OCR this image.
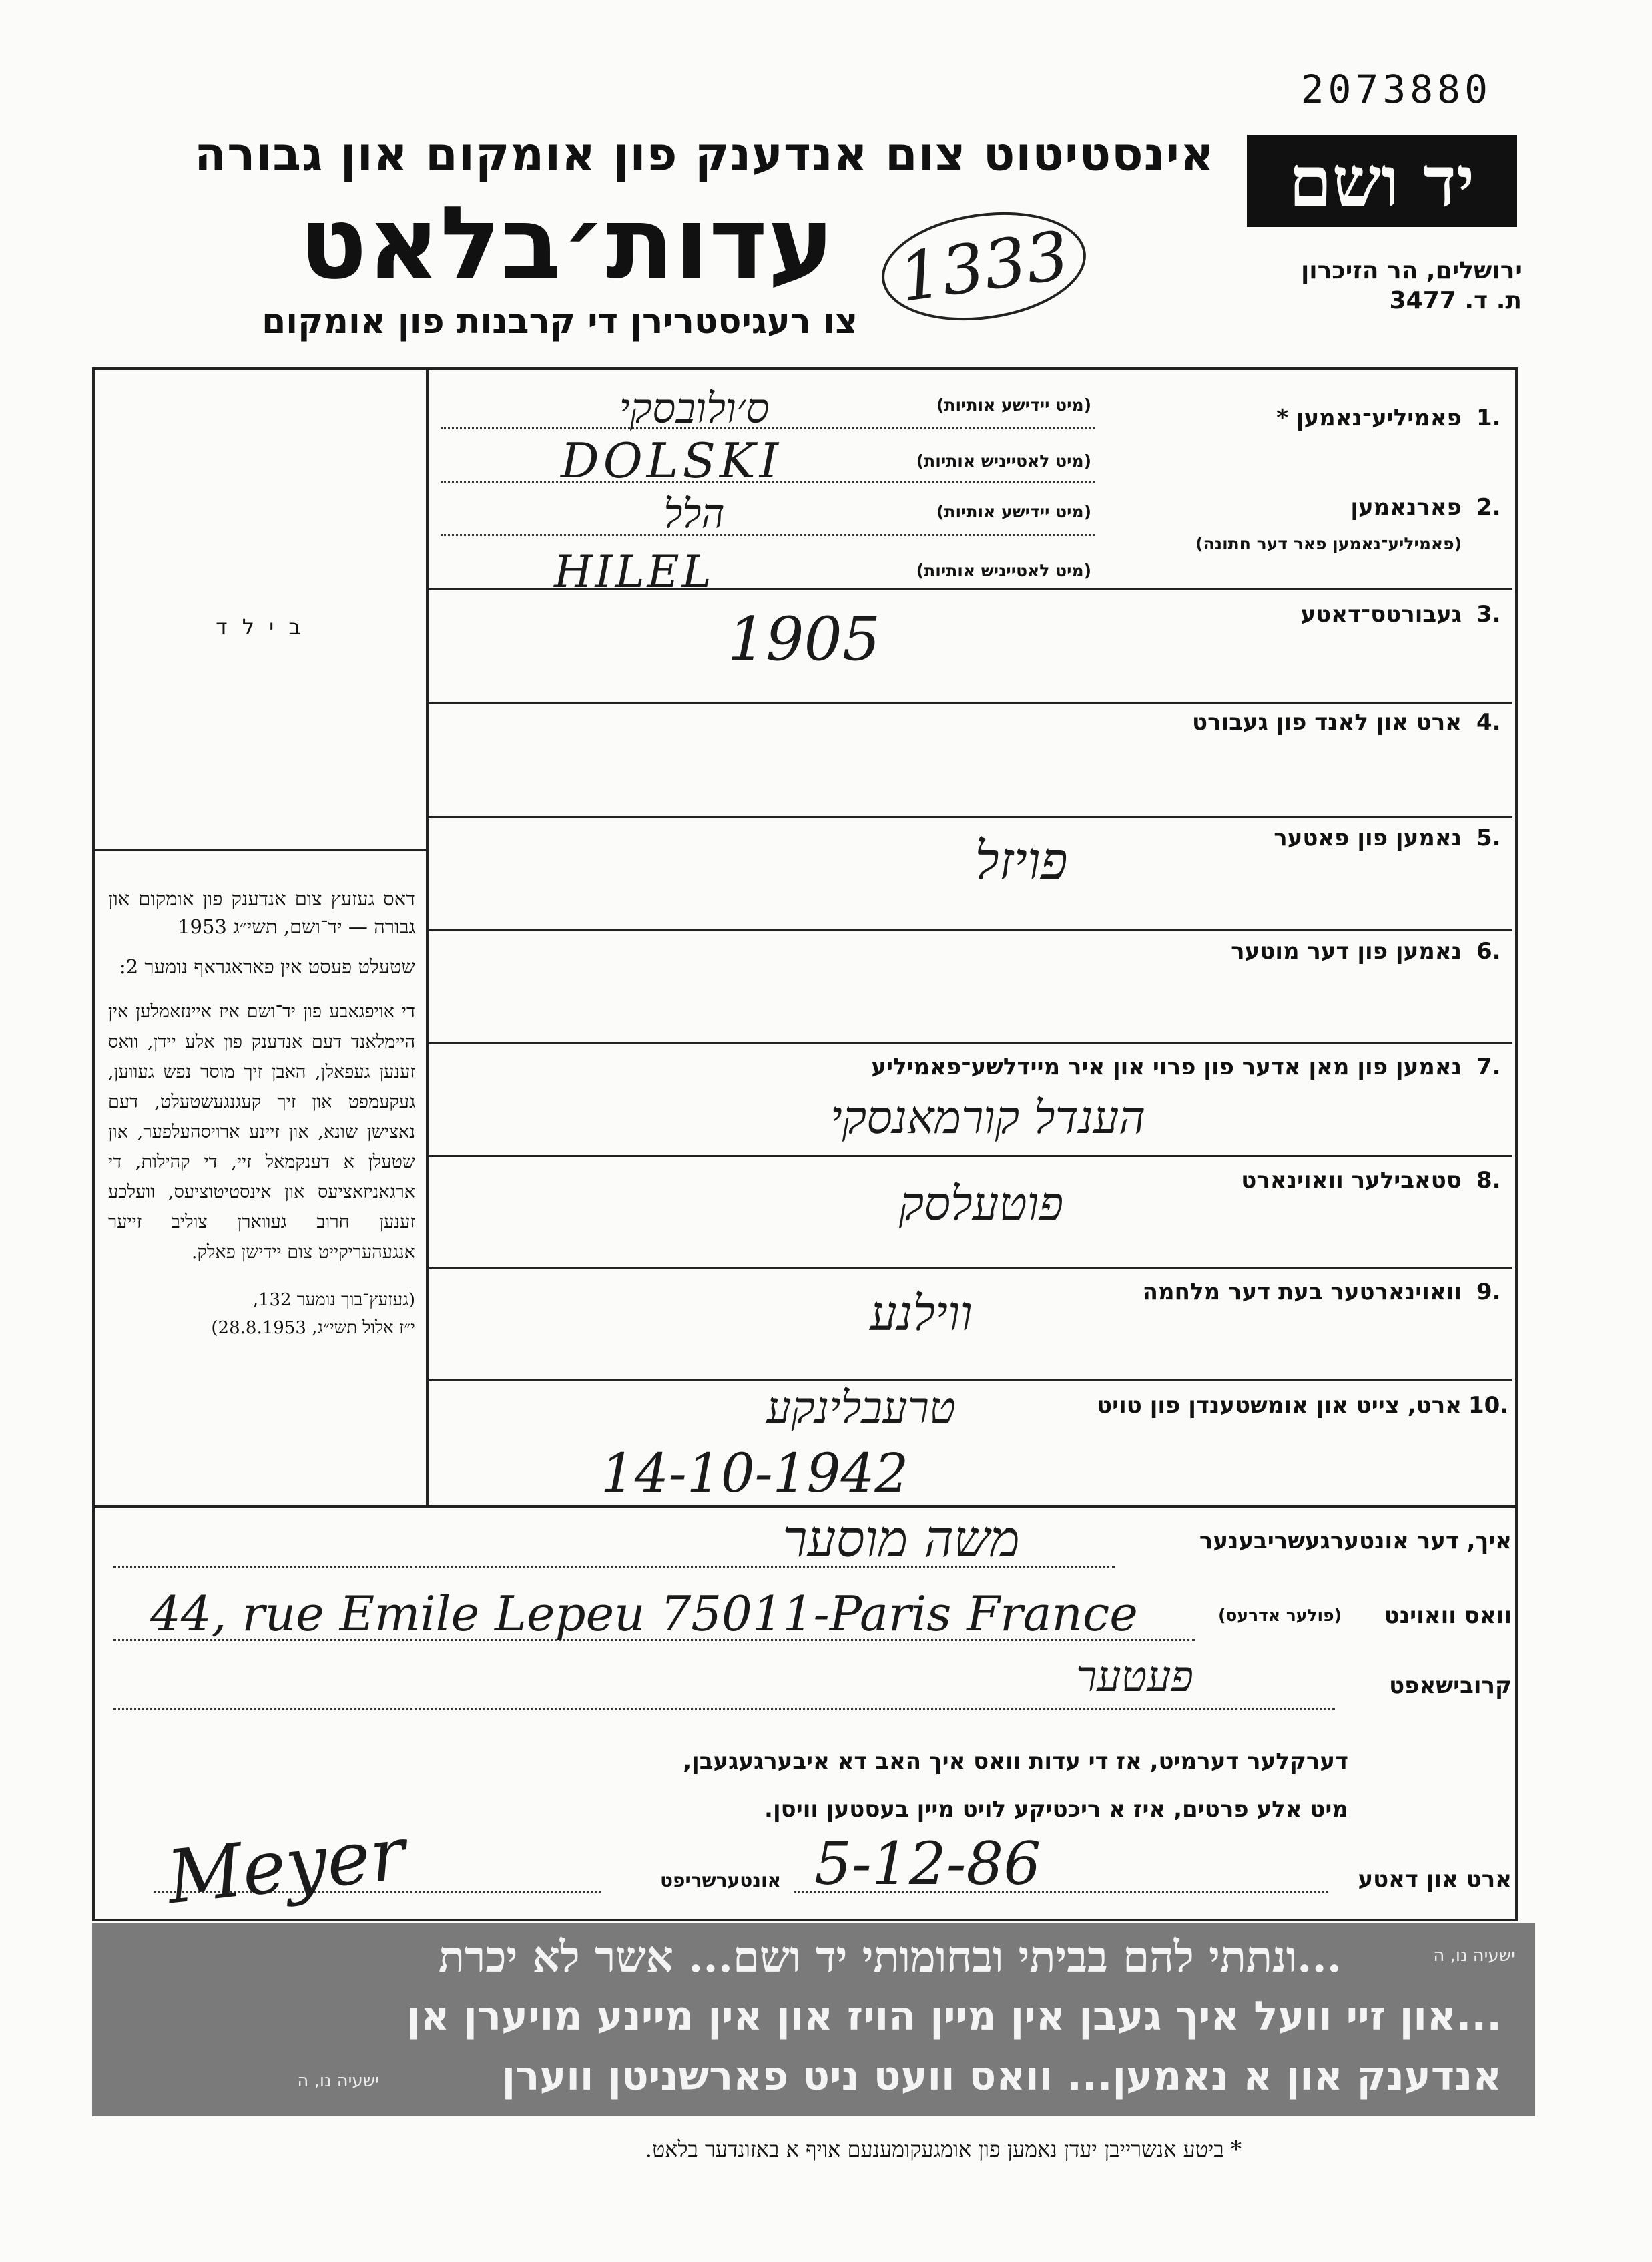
2073880
אינסטיטוט צום אנדענק פון אומקום און גבורה
עדות׳בלאט
צו רעגיסטרירן די קרבנות פון אומקום
יד ושם
ירושלים, הר הזיכרון
ת. ד. 3477
1333
ב י ל ד
דאס געזעץ צום אנדענק פון אומקום און גבורה — יד־ושם, תשי״ג 1953
שטעלט פעסט אין פאראגראף נומער 2:
די אויפגאבע פון יד־ושם איז איינזאמלען אין היימלאנד דעם אנדענק פון אלע יידן, וואס זענען געפאלן, האבן זיך מוסר נפש געווען, געקעמפט און זיך קעגנגעשטעלט, דעם נאצישן שונא, און זיינע ארויסהעלפער, און שטעלן א דענקמאל זיי, די קהילות, די ארגאניזאציעס און אינסטיטוציעס, וועלכע זענען חרוב געווארן צוליב זייער אנגעהעריקייט צום יידישן פאלק.
(געזעץ־בוך נומער 132,
י״ז אלול תשי״ג, 28.8.1953)
1.
פאמיליע־נאמען *
(מיט יידישע אותיות)
ס׳ולובסקי
(מיט לאטייניש אותיות)
DOLSKI
2.
פארנאמען
(פאמיליע־נאמען פאר דער חתונה)
(מיט יידישע אותיות)
הלל
(מיט לאטייניש אותיות)
HILEL
3.
געבורטס־דאטע
1905
4.
ארט און לאנד פון געבורט
5.
נאמען פון פאטער
פויזל
6.
נאמען פון דער מוטער
7.
נאמען פון מאן אדער פון פרוי און איר מיידלשע־פאמיליע
הענדל קורמאנסקי
8.
סטאבילער וואוינארט
פוטעלסק
9.
וואוינארטער בעת דער מלחמה
ווילנע
10.
ארט, צייט און אומשטענדן פון טויט
טרעבלינקע
14-10-1942
איך, דער אונטערגעשריבענער
משה מוסער
וואס וואוינט
(פולער אדרעס)
44, rue Emile Lepeu 75011-Paris France
קרובישאפט
פעטער
דערקלער דערמיט, אז די עדות וואס איך האב דא איבערגעגעבן,
מיט אלע פרטים, איז א ריכטיקע לויט מיין בעסטען וויסן.
ארט און דאטע
5-12-86
אונטערשריפט
Meyer
...ונתתי להם בביתי ובחומותי יד ושם... אשר לא יכרת	ישעיה נו, ה
...און זיי וועל איך געבן אין מיין הויז און אין מיינע מויערן אן
אנדענק און א נאמען... וואס וועט ניט פארשניטן ווערן
ישעיה נו, ה
* ביטע אנשרייבן יעדן נאמען פון אומגעקומענעם אויף א באזונדער בלאט.
